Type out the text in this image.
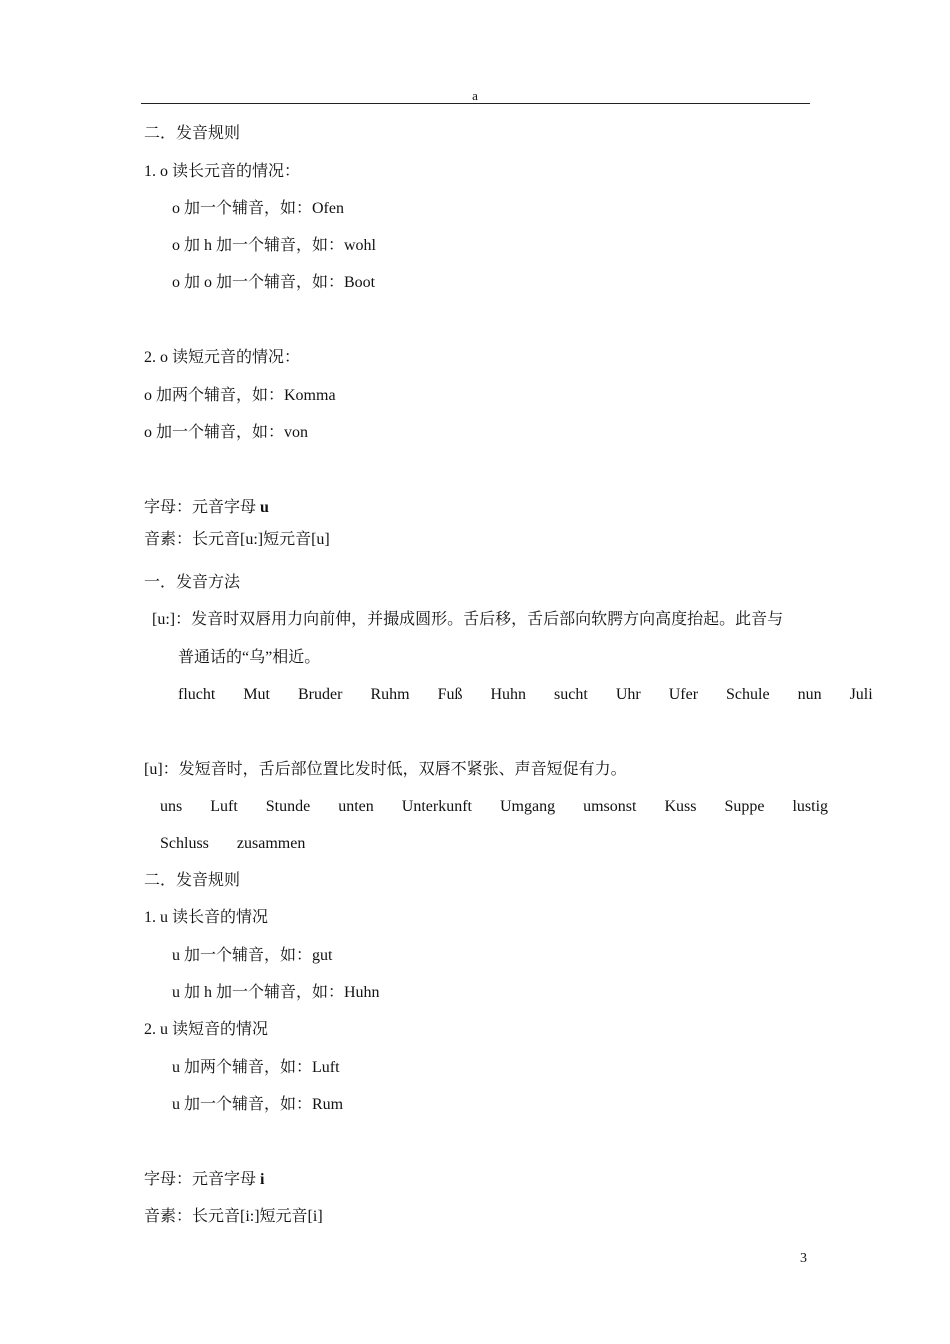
a
二．发音规则
1. o 读长元音的情况：
o 加一个辅音，如：Ofen
o 加 h 加一个辅音，如：wohl
o 加 o 加一个辅音，如：Boot
2. o 读短元音的情况：
o 加两个辅音，如：Komma
o 加一个辅音，如：von
字母：元音字母 u
音素：长元音[u:]短元音[u]
一．发音方法
[u:]：发音时双唇用力向前伸，并撮成圆形。舌后移，舌后部向软腭方向高度抬起。此音与
普通话的“乌”相近。
flucht Mut Bruder Ruhm Fuß Huhn sucht Uhr Ufer Schule nun Juli
[u]：发短音时，舌后部位置比发时低，双唇不紧张、声音短促有力。
uns Luft Stunde unten Unterkunft Umgang umsonst Kuss Suppe lustig
Schluss zusammen
二．发音规则
1. u 读长音的情况
u 加一个辅音，如：gut
u 加 h 加一个辅音，如：Huhn
2. u 读短音的情况
u 加两个辅音，如：Luft
u 加一个辅音，如：Rum
字母：元音字母 i
音素：长元音[i:]短元音[i]
3
